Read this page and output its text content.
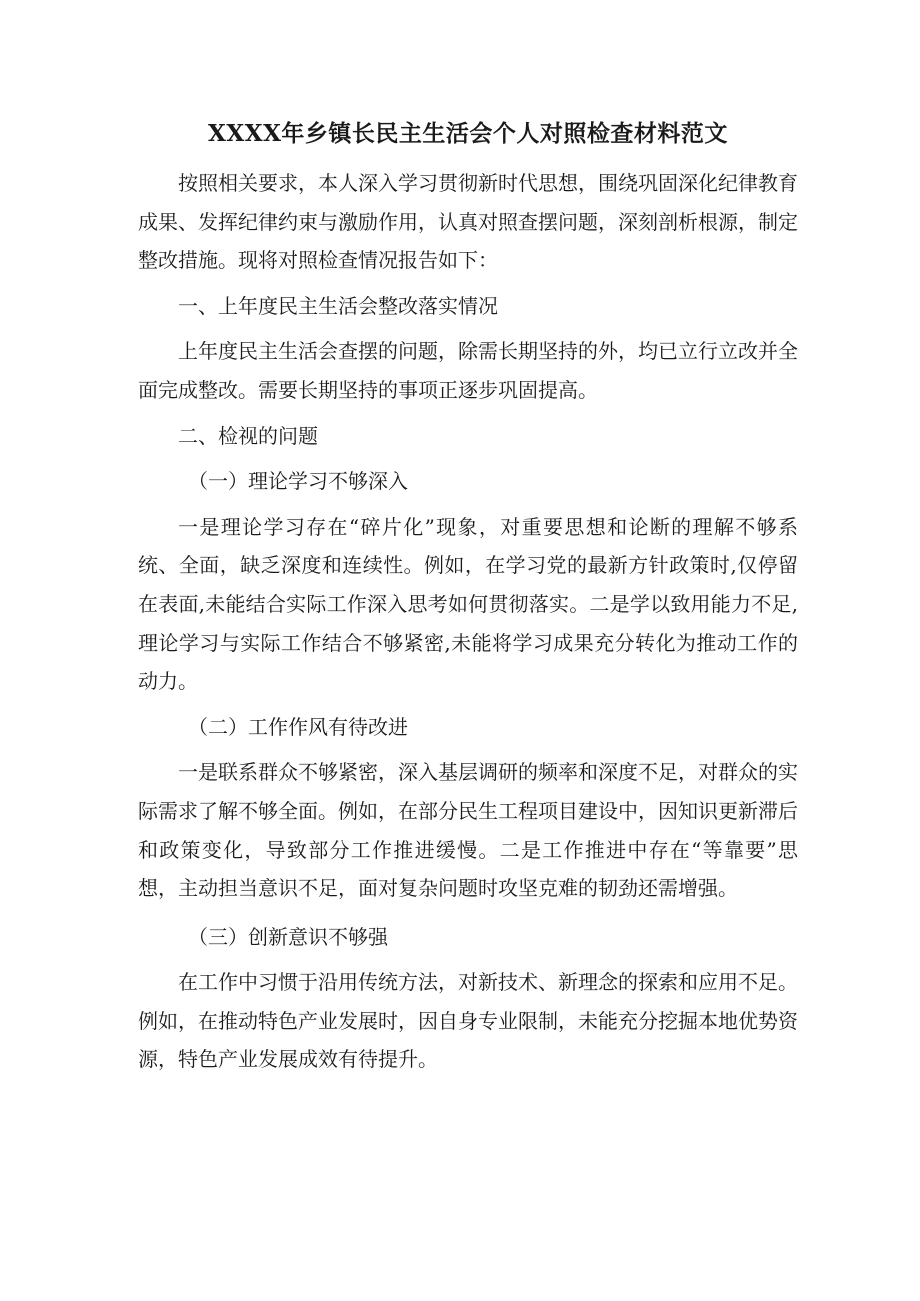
XXXX年乡镇长民主生活会个人对照检查材料范文

按照相关要求，本人深入学习贯彻新时代思想，围绕巩固深化纪律教育成果、发挥纪律约束与激励作用，认真对照查摆问题，深刻剖析根源，制定整改措施。现将对照检查情况报告如下：

一、上年度民主生活会整改落实情况

上年度民主生活会查摆的问题，除需长期坚持的外，均已立行立改并全面完成整改。需要长期坚持的事项正逐步巩固提高。

二、检视的问题

（一）理论学习不够深入

一是理论学习存在“碎片化”现象，对重要思想和论断的理解不够系统、全面，缺乏深度和连续性。例如，在学习党的最新方针政策时,仅停留在表面,未能结合实际工作深入思考如何贯彻落实。二是学以致用能力不足,理论学习与实际工作结合不够紧密,未能将学习成果充分转化为推动工作的动力。

（二）工作作风有待改进

一是联系群众不够紧密，深入基层调研的频率和深度不足，对群众的实际需求了解不够全面。例如，在部分民生工程项目建设中，因知识更新滞后和政策变化，导致部分工作推进缓慢。二是工作推进中存在“等靠要”思想，主动担当意识不足，面对复杂问题时攻坚克难的韧劲还需增强。

（三）创新意识不够强

在工作中习惯于沿用传统方法，对新技术、新理念的探索和应用不足。例如，在推动特色产业发展时，因自身专业限制，未能充分挖掘本地优势资源，特色产业发展成效有待提升。
